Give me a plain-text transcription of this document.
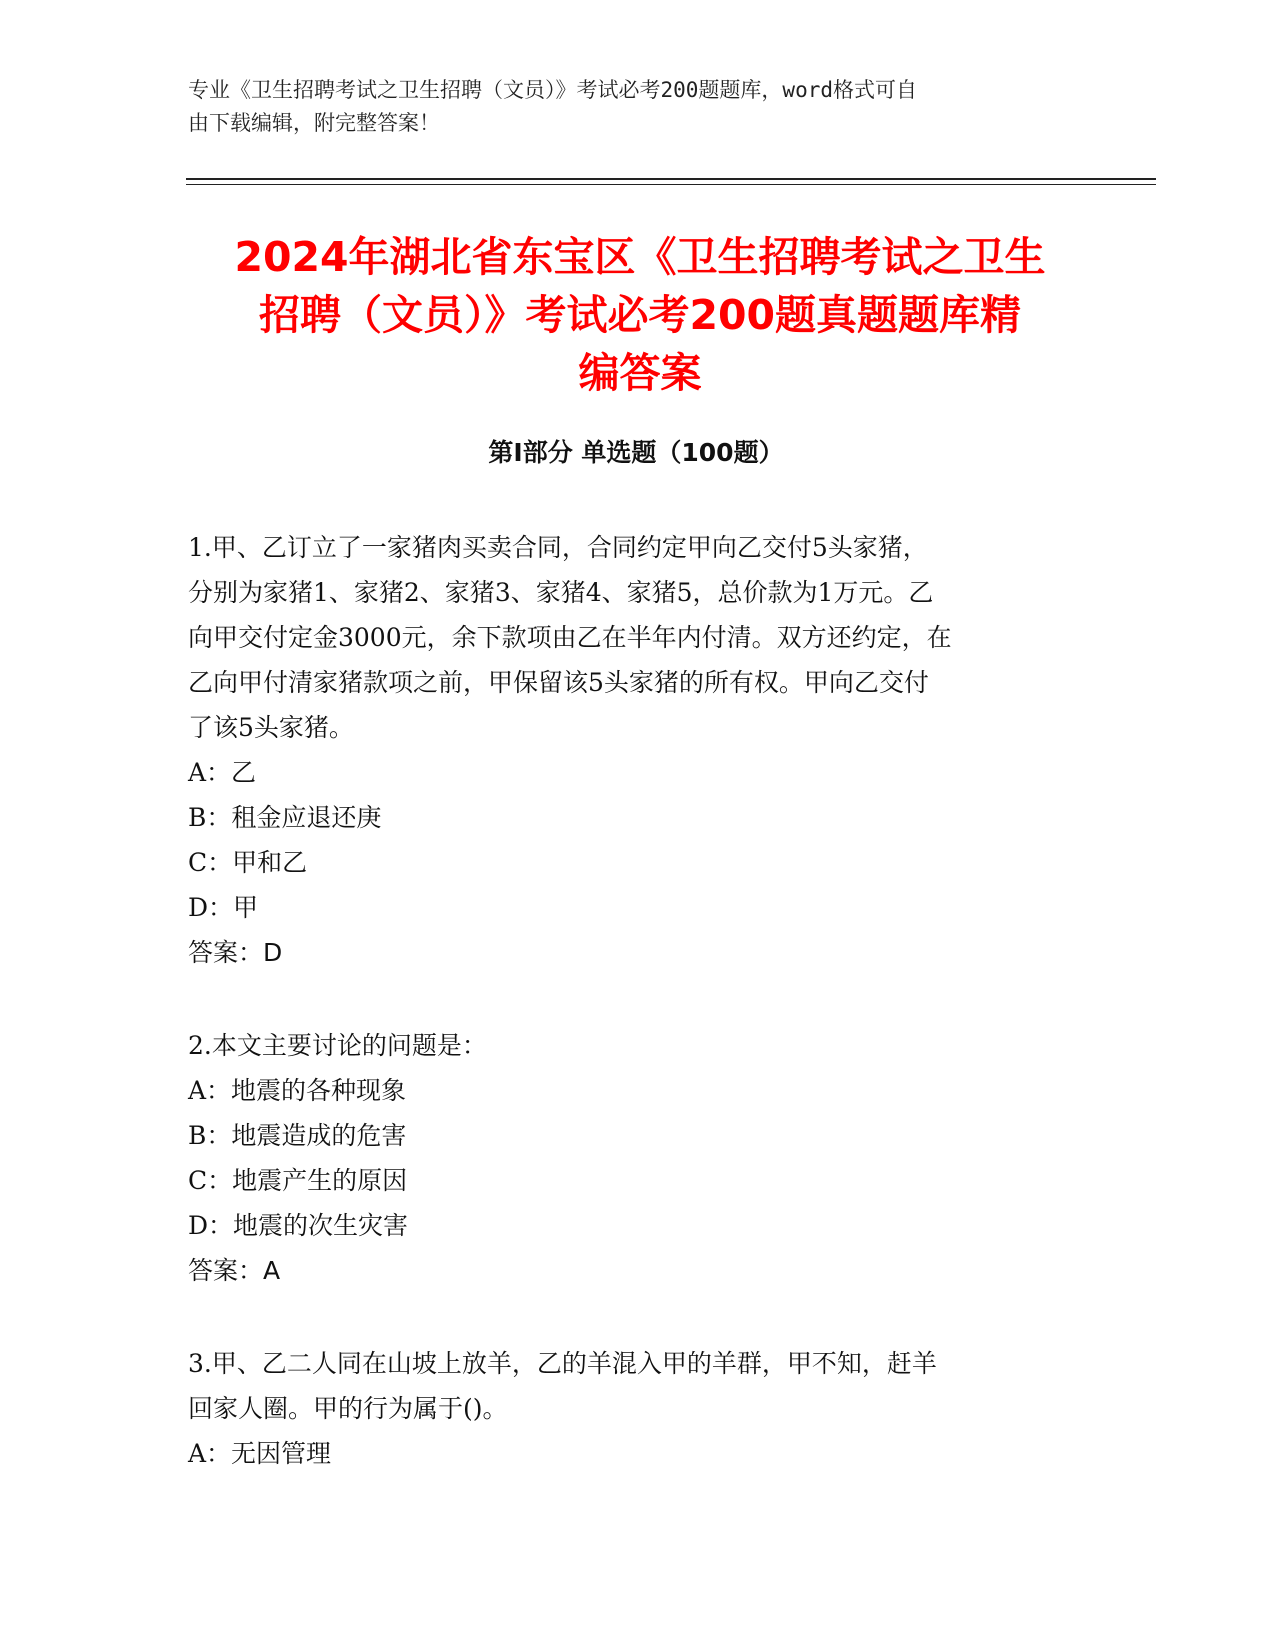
专业《卫生招聘考试之卫生招聘（文员）》考试必考200题题库，word格式可自
由下载编辑，附完整答案！
2024年湖北省东宝区《卫生招聘考试之卫生
招聘（文员）》考试必考200题真题题库精
编答案
第I部分 单选题（100题）

1.甲、乙订立了一家猪肉买卖合同，合同约定甲向乙交付5头家猪，

分别为家猪1、家猪2、家猪3、家猪4、家猪5，总价款为1万元。乙

向甲交付定金3000元，余下款项由乙在半年内付清。双方还约定，在

乙向甲付清家猪款项之前，甲保留该5头家猪的所有权。甲向乙交付

了该5头家猪。

A：乙

B：租金应退还庚

C：甲和乙

D：甲

答案：D

2.本文主要讨论的问题是：

A：地震的各种现象

B：地震造成的危害

C：地震产生的原因

D：地震的次生灾害

答案：A

3.甲、乙二人同在山坡上放羊，乙的羊混入甲的羊群，甲不知，赶羊

回家人圈。甲的行为属于()。

A：无因管理
